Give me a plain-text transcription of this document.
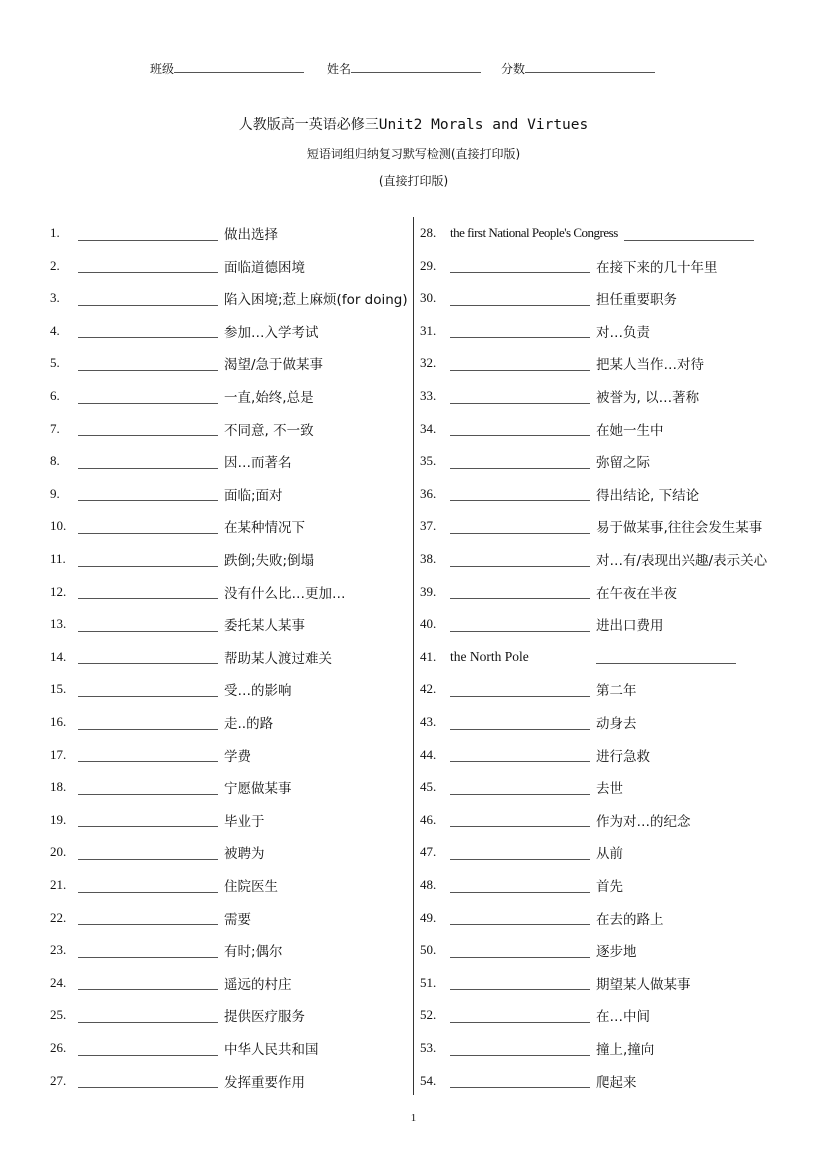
班级	姓名	分数
人教版高一英语必修三Unit2 Morals and Virtues
短语词组归纳复习默写检测(直接打印版)
(直接打印版)
1.	做出选择
2.	面临道德困境
3.	陷入困境;惹上麻烦(for doing)
4.	参加…入学考试
5.	渴望/急于做某事
6.	一直,始终,总是
7.	不同意, 不一致
8.	因…而著名
9.	面临;面对
10.	在某种情况下
11.	跌倒;失败;倒塌
12.	没有什么比…更加…
13.	委托某人某事
14.	帮助某人渡过难关
15.	受…的影响
16.	走..的路
17.	学费
18.	宁愿做某事
19.	毕业于
20.	被聘为
21.	住院医生
22.	需要
23.	有时;偶尔
24.	遥远的村庄
25.	提供医疗服务
26.	中华人民共和国
27.	发挥重要作用
28.	the first National People's Congress
29.	在接下来的几十年里
30.	担任重要职务
31.	对…负责
32.	把某人当作…对待
33.	被誉为, 以…著称
34.	在她一生中
35.	弥留之际
36.	得出结论, 下结论
37.	易于做某事,往往会发生某事
38.	对…有/表现出兴趣/表示关心
39.	在午夜在半夜
40.	进出口费用
41.	the North Pole
42.	第二年
43.	动身去
44.	进行急救
45.	去世
46.	作为对…的纪念
47.	从前
48.	首先
49.	在去的路上
50.	逐步地
51.	期望某人做某事
52.	在…中间
53.	撞上,撞向
54.	爬起来
1
